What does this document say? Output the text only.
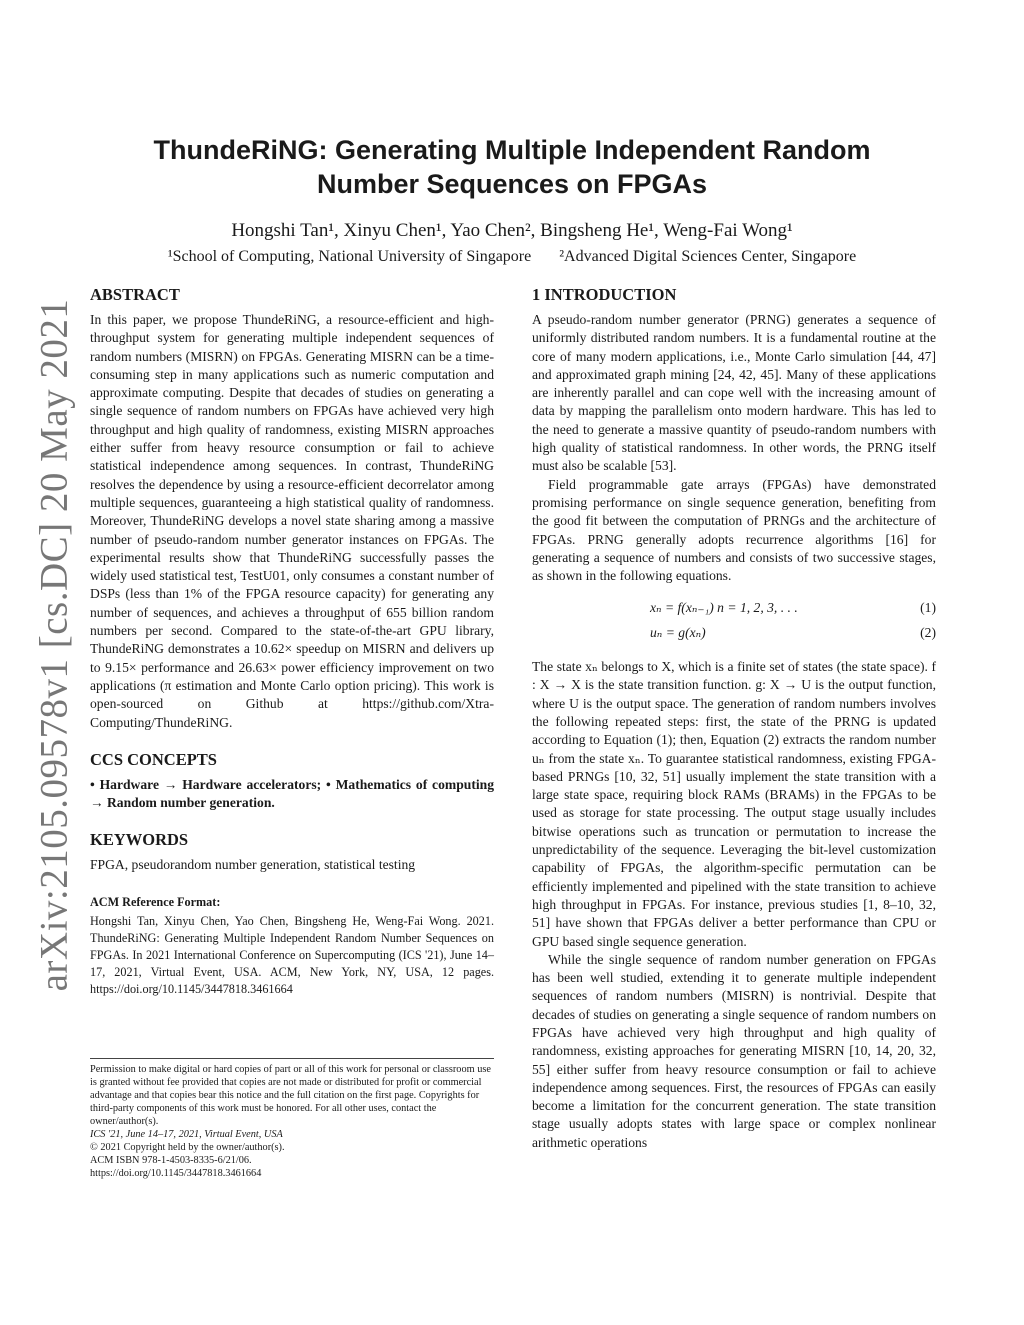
arXiv:2105.09578v1 [cs.DC] 20 May 2021
ThundeRiNG: Generating Multiple Independent Random Number Sequences on FPGAs
Hongshi Tan¹, Xinyu Chen¹, Yao Chen², Bingsheng He¹, Weng-Fai Wong¹
¹School of Computing, National University of Singapore ²Advanced Digital Sciences Center, Singapore
ABSTRACT

In this paper, we propose ThundeRiNG, a resource-efficient and high-throughput system for generating multiple independent sequences of random numbers (MISRN) on FPGAs. Generating MISRN can be a time-consuming step in many applications such as numeric computation and approximate computing. Despite that decades of studies on generating a single sequence of random numbers on FPGAs have achieved very high throughput and high quality of randomness, existing MISRN approaches either suffer from heavy resource consumption or fail to achieve statistical independence among sequences. In contrast, ThundeRiNG resolves the dependence by using a resource-efficient decorrelator among multiple sequences, guaranteeing a high statistical quality of randomness. Moreover, ThundeRiNG develops a novel state sharing among a massive number of pseudo-random number generator instances on FPGAs. The experimental results show that ThundeRiNG successfully passes the widely used statistical test, TestU01, only consumes a constant number of DSPs (less than 1% of the FPGA resource capacity) for generating any number of sequences, and achieves a throughput of 655 billion random numbers per second. Compared to the state-of-the-art GPU library, ThundeRiNG demonstrates a 10.62× speedup on MISRN and delivers up to 9.15× performance and 26.63× power efficiency improvement on two applications (π estimation and Monte Carlo option pricing). This work is open-sourced on Github at https://github.com/Xtra-Computing/ThundeRiNG.

CCS CONCEPTS

• Hardware → Hardware accelerators; • Mathematics of computing → Random number generation.

KEYWORDS

FPGA, pseudorandom number generation, statistical testing

ACM Reference Format:

Hongshi Tan, Xinyu Chen, Yao Chen, Bingsheng He, Weng-Fai Wong. 2021. ThundeRiNG: Generating Multiple Independent Random Number Sequences on FPGAs. In 2021 International Conference on Supercomputing (ICS '21), June 14–17, 2021, Virtual Event, USA. ACM, New York, NY, USA, 12 pages. https://doi.org/10.1145/3447818.3461664

Permission to make digital or hard copies of part or all of this work for personal or classroom use is granted without fee provided that copies are not made or distributed for profit or commercial advantage and that copies bear this notice and the full citation on the first page. Copyrights for third-party components of this work must be honored. For all other uses, contact the owner/author(s).

ICS '21, June 14–17, 2021, Virtual Event, USA

© 2021 Copyright held by the owner/author(s).

ACM ISBN 978-1-4503-8335-6/21/06.

https://doi.org/10.1145/3447818.3461664

1 INTRODUCTION

A pseudo-random number generator (PRNG) generates a sequence of uniformly distributed random numbers. It is a fundamental routine at the core of many modern applications, i.e., Monte Carlo simulation [44, 47] and approximated graph mining [24, 42, 45]. Many of these applications are inherently parallel and can cope well with the increasing amount of data by mapping the parallelism onto modern hardware. This has led to the need to generate a massive quantity of pseudo-random numbers with high quality of statistical randomness. In other words, the PRNG itself must also be scalable [53].

Field programmable gate arrays (FPGAs) have demonstrated promising performance on single sequence generation, benefiting from the good fit between the computation of PRNGs and the architecture of FPGAs. PRNG generally adopts recurrence algorithms [16] for generating a sequence of numbers and consists of two successive stages, as shown in the following equations.

xₙ = f(xₙ₋₁) n = 1, 2, 3, . . .	(1)
uₙ = g(xₙ)	(2)

The state xₙ belongs to X, which is a finite set of states (the state space). f : X → X is the state transition function. g: X → U is the output function, where U is the output space. The generation of random numbers involves the following repeated steps: first, the state of the PRNG is updated according to Equation (1); then, Equation (2) extracts the random number uₙ from the state xₙ. To guarantee statistical randomness, existing FPGA-based PRNGs [10, 32, 51] usually implement the state transition with a large state space, requiring block RAMs (BRAMs) in the FPGAs to be used as storage for state processing. The output stage usually includes bitwise operations such as truncation or permutation to increase the unpredictability of the sequence. Leveraging the bit-level customization capability of FPGAs, the algorithm-specific permutation can be efficiently implemented and pipelined with the state transition to achieve high throughput in FPGAs. For instance, previous studies [1, 8–10, 32, 51] have shown that FPGAs deliver a better performance than CPU or GPU based single sequence generation.

While the single sequence of random number generation on FPGAs has been well studied, extending it to generate multiple independent sequences of random numbers (MISRN) is nontrivial. Despite that decades of studies on generating a single sequence of random numbers on FPGAs have achieved very high throughput and high quality of randomness, existing approaches for generating MISRN [10, 14, 20, 32, 55] either suffer from heavy resource consumption or fail to achieve independence among sequences. First, the resources of FPGAs can easily become a limitation for the concurrent generation. The state transition stage usually adopts states with large space or complex nonlinear arithmetic operations
